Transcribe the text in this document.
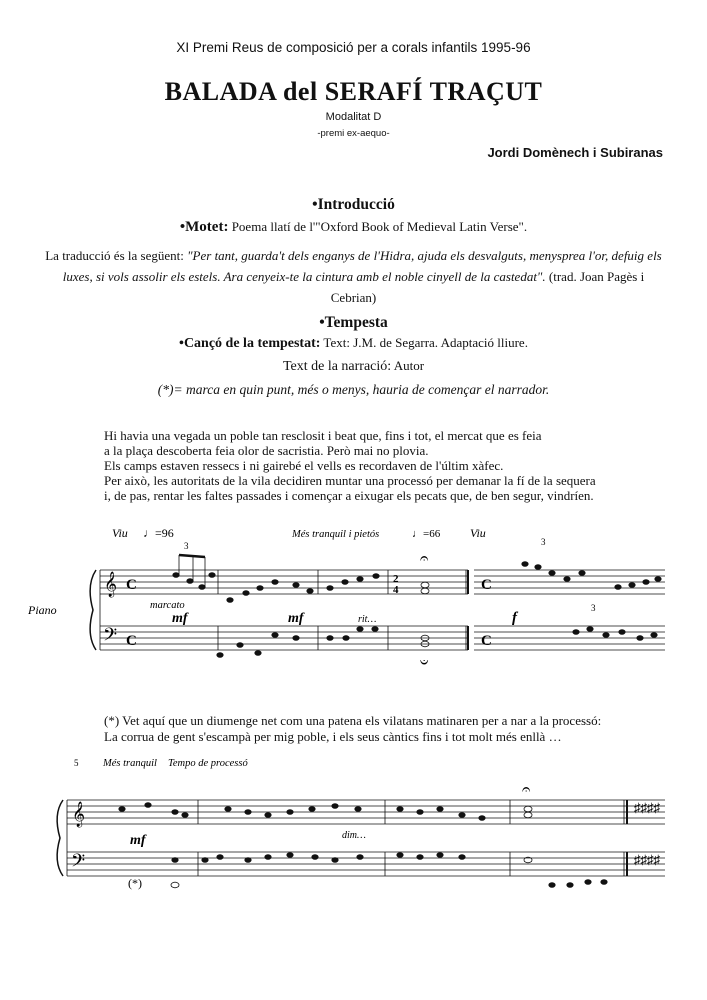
XI Premi Reus de composició per a corals infantils 1995-96
BALADA del SERAFÍ TRAÇUT
Modalitat D
-premi ex-aequo-
Jordi Domènech i Subiranas
•Introducció
•Motet: Poema llatí de l'"Oxford Book of Medieval Latin Verse".
La traducció és la següent: "Per tant, guarda't dels enganys de l'Hidra, ajuda els desvalguts, menysprea l'or, defuig els luxes, si vols assolir els estels. Ara cenyeix-te la cintura amb el noble cinyell de la castedat". (trad. Joan Pagès i Cebrian)
•Tempesta
•Cançó de la tempestat: Text: J.M. de Segarra. Adaptació lliure.
Text de la narració: Autor
(*)= marca en quin punt, més o menys, hauria de començar el narrador.
Hi havia una vegada un poble tan resclosit i beat que, fins i tot, el mercat que es feia
a la plaça descoberta feia olor de sacristia. Però mai no plovia.
Els camps estaven ressecs i ni gairebé el vells es recordaven de l'últim xàfec.
Per això, les autoritats de la vila decidiren muntar una processó per demanar la fí de la sequera
i, de pas, rentar les faltes passades i començar a eixugar els pecats que, de ben segur, vindríen.
Piano
𝄞
𝄢
C
C
2
4	C
C
Viu ♩=96	Més tranquil i pietós	♩=66 Viu
marcato
mf	mf	rit…	f
3	3
3
𝄐
𝄑
(*) Vet aquí que un diumenge net com una patena els vilatans matinaren per a nar a la processó:
La corrua de gent s'escampà per mig poble, i els seus càntics fins i tot molt més enllà …
5 Més tranquil Tempo de processó
𝄞
𝄢
mf	dim…
(*)
𝄐
♯♯♯♯
♯♯♯♯
